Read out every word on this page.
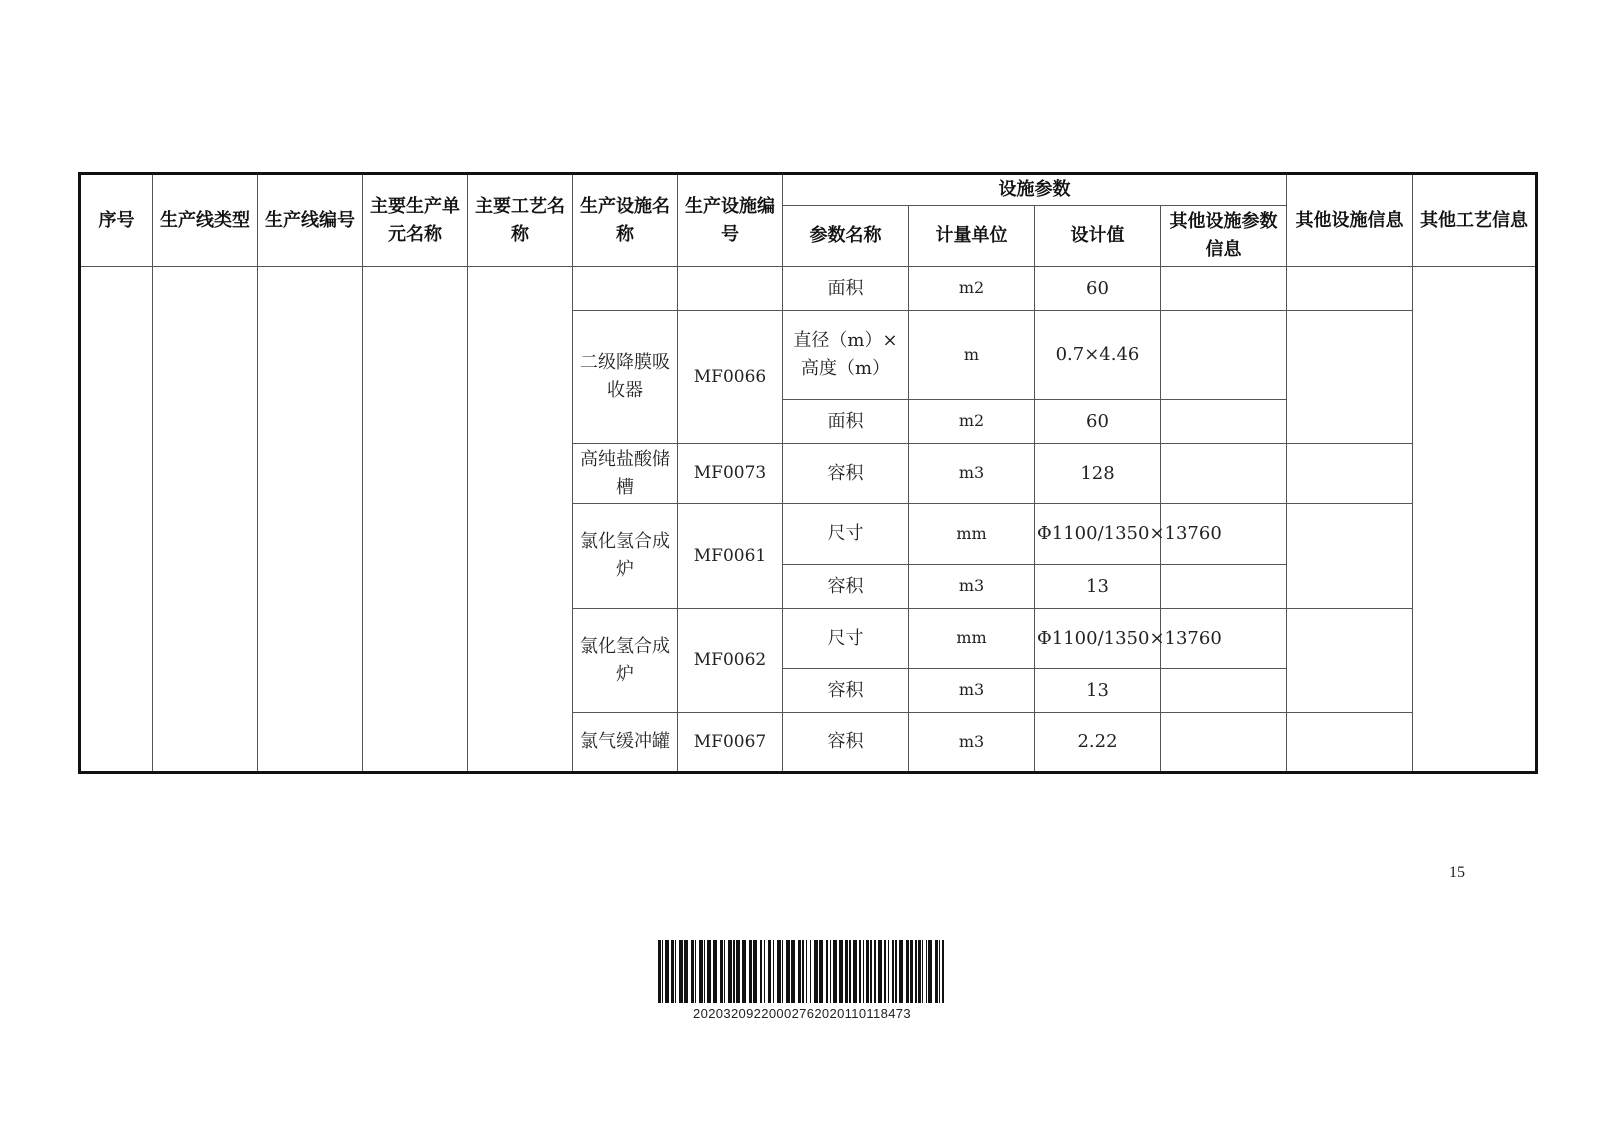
序号	生产线类型	生产线编号	主要生产单元名称	主要工艺名称	生产设施名称	生产设施编号	设施参数				其他设施信息	其他工艺信息
							参数名称	计量单位	设计值	其他设施参数信息		
							面积	m2	60			
					二级降膜吸收器	MF0066	直径（m）×高度（m）	m	0.7×4.46			
							面积	m2	60			
					高纯盐酸储槽	MF0073	容积	m3	128			
					氯化氢合成炉	MF0061	尺寸	mm	Φ1100/1350×13760			
							容积	m3	13			
					氯化氢合成炉	MF0062	尺寸	mm	Φ1100/1350×13760			
							容积	m3	13			
					氯气缓冲罐	MF0067	容积	m3	2.22			
15
20203209220002762020110118473
